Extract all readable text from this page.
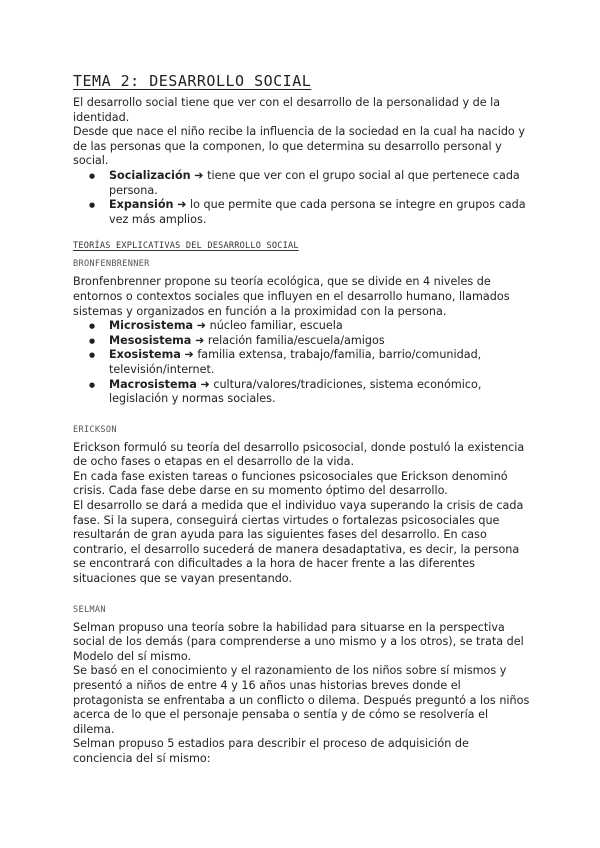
TEMA 2: DESARROLLO SOCIAL

El desarrollo social tiene que ver con el desarrollo de la personalidad y de la identidad.

Desde que nace el niño recibe la influencia de la sociedad en la cual ha nacido y de las personas que la componen, lo que determina su desarrollo personal y social.

● Socialización ➜ tiene que ver con el grupo social al que pertenece cada persona.
● Expansión ➜ lo que permite que cada persona se integre en grupos cada vez más amplios.
TEORÍAS EXPLICATIVAS DEL DESARROLLO SOCIAL
BRONFENBRENNER

Bronfenbrenner propone su teoría ecológica, que se divide en 4 niveles de entornos o contextos sociales que influyen en el desarrollo humano, llamados sistemas y organizados en función a la proximidad con la persona.

● Microsistema ➜ núcleo familiar, escuela
● Mesosistema ➜ relación familia/escuela/amigos
● Exosistema ➜ familia extensa, trabajo/familia, barrio/comunidad, televisión/internet.
● Macrosistema ➜ cultura/valores/tradiciones, sistema económico, legislación y normas sociales.
ERICKSON

Erickson formuló su teoría del desarrollo psicosocial, donde postuló la existencia de ocho fases o etapas en el desarrollo de la vida.

En cada fase existen tareas o funciones psicosociales que Erickson denominó crisis. Cada fase debe darse en su momento óptimo del desarrollo.

El desarrollo se dará a medida que el individuo vaya superando la crisis de cada fase. Si la supera, conseguirá ciertas virtudes o fortalezas psicosociales que resultarán de gran ayuda para las siguientes fases del desarrollo. En caso contrario, el desarrollo sucederá de manera desadaptativa, es decir, la persona se encontrará con dificultades a la hora de hacer frente a las diferentes situaciones que se vayan presentando.

SELMAN

Selman propuso una teoría sobre la habilidad para situarse en la perspectiva social de los demás (para comprenderse a uno mismo y a los otros), se trata del Modelo del sí mismo.

Se basó en el conocimiento y el razonamiento de los niños sobre sí mismos y presentó a niños de entre 4 y 16 años unas historias breves donde el protagonista se enfrentaba a un conflicto o dilema. Después preguntó a los niños acerca de lo que el personaje pensaba o sentía y de cómo se resolvería el dilema.

Selman propuso 5 estadios para describir el proceso de adquisición de conciencia del sí mismo:
